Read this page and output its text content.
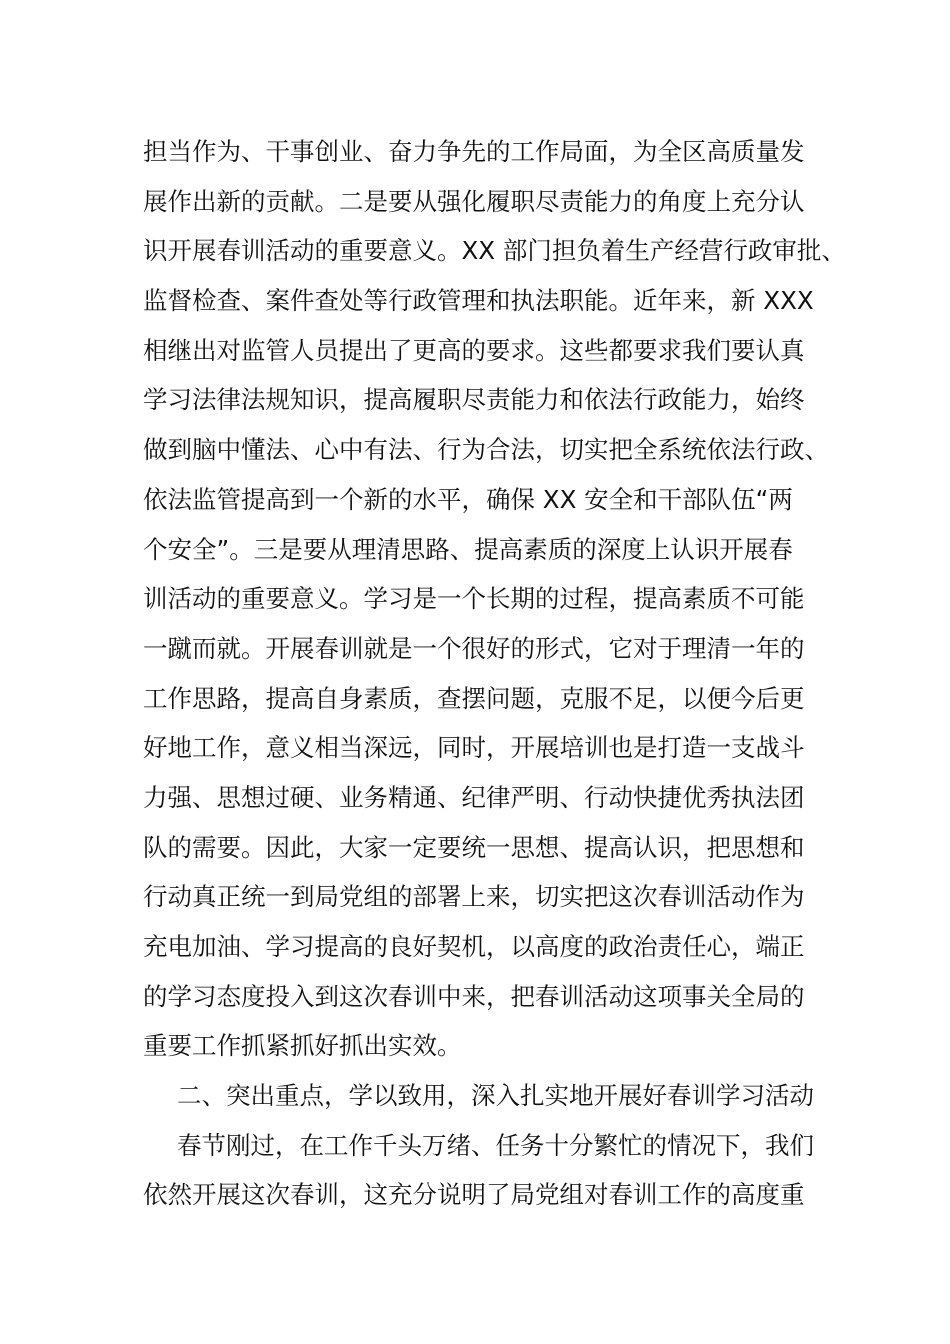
担当作为、干事创业、奋力争先的工作局面，为全区高质量发
展作出新的贡献。二是要从强化履职尽责能力的角度上充分认
识开展春训活动的重要意义。XX 部门担负着生产经营行政审批、
监督检查、案件查处等行政管理和执法职能。近年来，新 XXX
相继出对监管人员提出了更高的要求。这些都要求我们要认真
学习法律法规知识，提高履职尽责能力和依法行政能力，始终
做到脑中懂法、心中有法、行为合法，切实把全系统依法行政、
依法监管提高到一个新的水平，确保 XX 安全和干部队伍“两
个安全”。三是要从理清思路、提高素质的深度上认识开展春
训活动的重要意义。学习是一个长期的过程，提高素质不可能
一蹴而就。开展春训就是一个很好的形式，它对于理清一年的
工作思路，提高自身素质，查摆问题，克服不足，以便今后更
好地工作，意义相当深远，同时，开展培训也是打造一支战斗
力强、思想过硬、业务精通、纪律严明、行动快捷优秀执法团
队的需要。因此，大家一定要统一思想、提高认识，把思想和
行动真正统一到局党组的部署上来，切实把这次春训活动作为
充电加油、学习提高的良好契机，以高度的政治责任心，端正
的学习态度投入到这次春训中来，把春训活动这项事关全局的
重要工作抓紧抓好抓出实效。
二、突出重点，学以致用，深入扎实地开展好春训学习活动
春节刚过，在工作千头万绪、任务十分繁忙的情况下，我们
依然开展这次春训，这充分说明了局党组对春训工作的高度重
